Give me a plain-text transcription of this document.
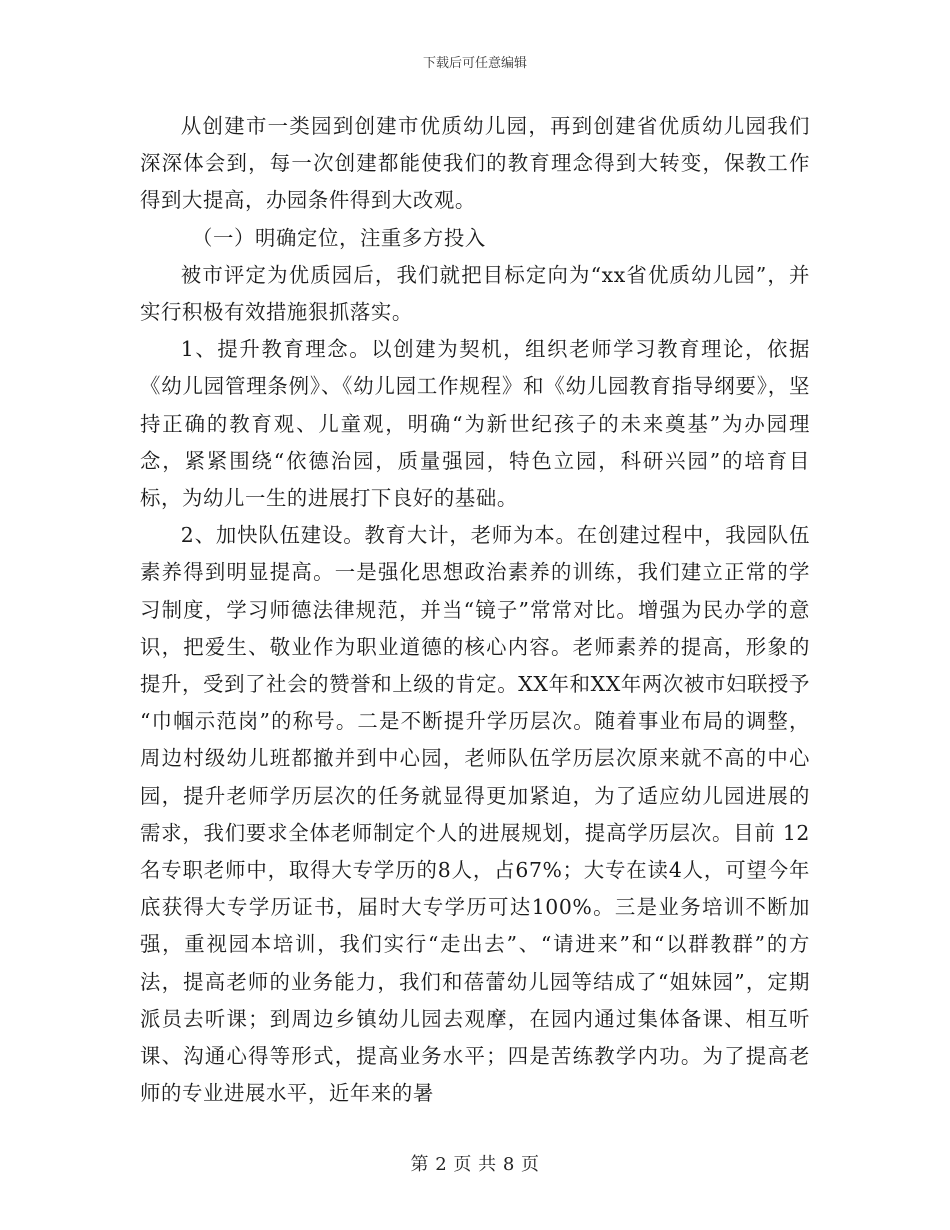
下载后可任意编辑

从创建市一类园到创建市优质幼儿园，再到创建省优质幼儿园我们深深体会到，每一次创建都能使我们的教育理念得到大转变，保教工作得到大提高，办园条件得到大改观。

（一）明确定位，注重多方投入

被市评定为优质园后，我们就把目标定向为“xx省优质幼儿园”，并实行积极有效措施狠抓落实。

1、提升教育理念。以创建为契机，组织老师学习教育理论，依据《幼儿园管理条例》、《幼儿园工作规程》和《幼儿园教育指导纲要》，坚持正确的教育观、儿童观，明确“为新世纪孩子的未来奠基”为办园理念，紧紧围绕“依德治园，质量强园，特色立园，科研兴园”的培育目标，为幼儿一生的进展打下良好的基础。

2、加快队伍建设。教育大计，老师为本。在创建过程中，我园队伍素养得到明显提高。一是强化思想政治素养的训练，我们建立正常的学习制度，学习师德法律规范，并当“镜子”常常对比。增强为民办学的意识，把爱生、敬业作为职业道德的核心内容。老师素养的提高，形象的提升，受到了社会的赞誉和上级的肯定。XX年和XX年两次被市妇联授予 “巾帼示范岗”的称号。二是不断提升学历层次。随着事业布局的调整，周边村级幼儿班都撤并到中心园，老师队伍学历层次原来就不高的中心园，提升老师学历层次的任务就显得更加紧迫，为了适应幼儿园进展的需求，我们要求全体老师制定个人的进展规划，提高学历层次。目前 12名专职老师中，取得大专学历的8人，占67%；大专在读4人，可望今年底获得大专学历证书，届时大专学历可达100%。三是业务培训不断加强，重视园本培训，我们实行“走出去”、“请进来”和“以群教群”的方法，提高老师的业务能力，我们和蓓蕾幼儿园等结成了“姐妹园”，定期派员去听课；到周边乡镇幼儿园去观摩，在园内通过集体备课、相互听课、沟通心得等形式，提高业务水平；四是苦练教学内功。为了提高老师的专业进展水平，近年来的暑

第 2 页 共 8 页
